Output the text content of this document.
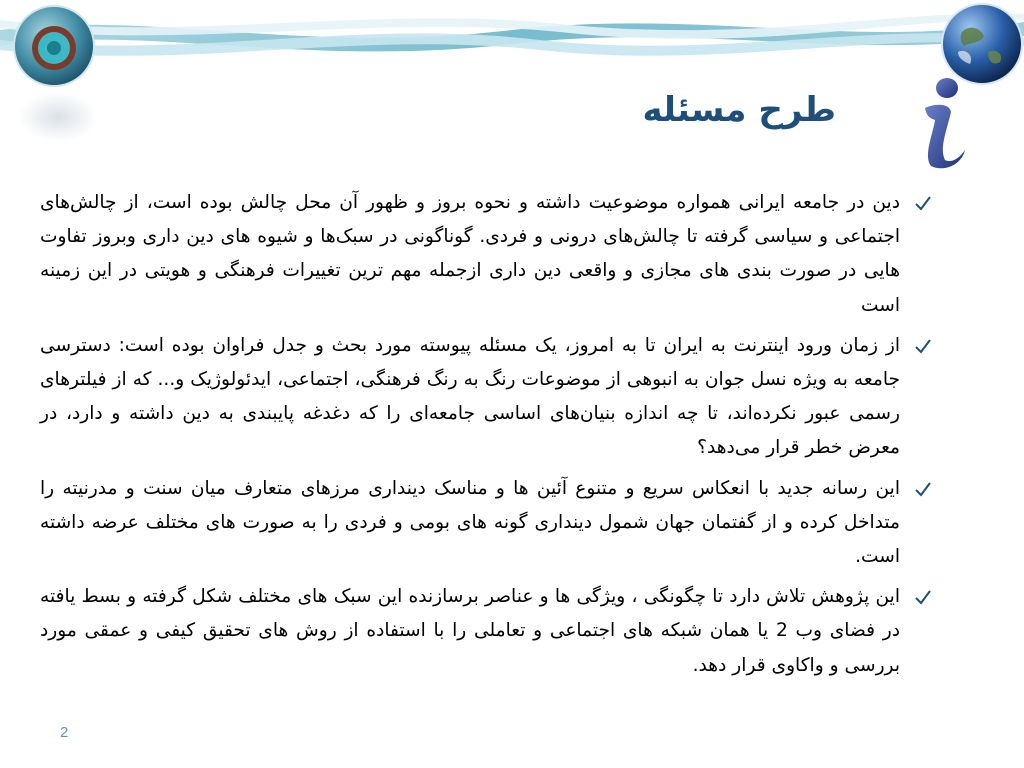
طرح مسئله
دین در جامعه ایرانی همواره موضوعیت داشته و نحوه بروز و ظهور آن محل چالش بوده است، از چالش‌های اجتماعی و سیاسی گرفته تا چالش‌های درونی و فردی. گوناگونی در سبک‌ها و شیوه های دین داری وبروز تفاوت هایی در صورت بندی های مجازی و واقعی دین داری ازجمله مهم ترین تغییرات فرهنگی و هویتی در این زمینه است
از زمان ورود اینترنت به ایران تا به امروز، یک مسئله پیوسته مورد بحث و جدل فراوان بوده است: دسترسی جامعه به ویژه نسل جوان به انبوهی از موضوعات رنگ به رنگ فرهنگی، اجتماعی، ایدئولوژیک و... که از فیلترهای رسمی عبور نکرده‌اند، تا چه اندازه بنیان‌های اساسی جامعه‌ای را که دغدغه پایبندی به دین داشته و دارد، در معرض خطر قرار می‌دهد؟
این رسانه جدید با انعکاس سریع و متنوع آئین ها و مناسک دینداری مرزهای متعارف میان سنت و مدرنیته را متداخل کرده و از گفتمان جهان شمول دینداری گونه های بومی و فردی را به صورت های مختلف عرضه داشته است.
این پژوهش تلاش دارد تا چگونگی ، ویژگی ها و عناصر برسازنده این سبک های مختلف شکل گرفته و بسط یافته در فضای وب 2 یا همان شبکه های اجتماعی و تعاملی را با استفاده از روش های تحقیق کیفی و عمقی مورد بررسی و واکاوی قرار دهد.
2
